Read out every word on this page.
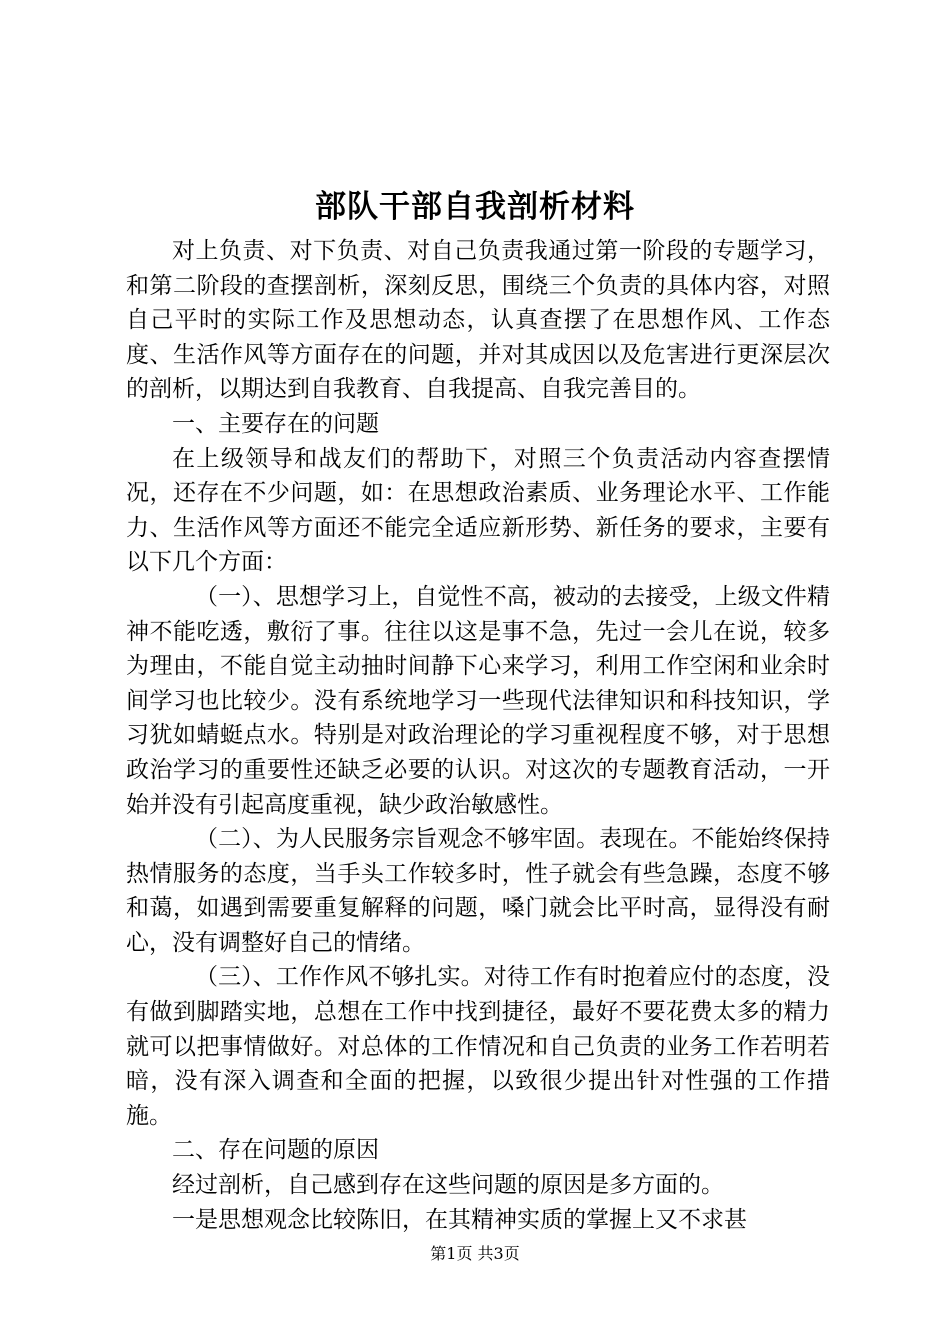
部队干部自我剖析材料

对上负责、对下负责、对自己负责我通过第一阶段的专题学习，和第二阶段的查摆剖析，深刻反思，围绕三个负责的具体内容，对照自己平时的实际工作及思想动态，认真查摆了在思想作风、工作态度、生活作风等方面存在的问题，并对其成因以及危害进行更深层次的剖析，以期达到自我教育、自我提高、自我完善目的。

一、主要存在的问题

在上级领导和战友们的帮助下，对照三个负责活动内容查摆情况，还存在不少问题，如：在思想政治素质、业务理论水平、工作能力、生活作风等方面还不能完全适应新形势、新任务的要求，主要有以下几个方面：

（一）、思想学习上，自觉性不高，被动的去接受，上级文件精神不能吃透，敷衍了事。往往以这是事不急，先过一会儿在说，较多为理由，不能自觉主动抽时间静下心来学习，利用工作空闲和业余时间学习也比较少。没有系统地学习一些现代法律知识和科技知识，学习犹如蜻蜓点水。特别是对政治理论的学习重视程度不够，对于思想政治学习的重要性还缺乏必要的认识。对这次的专题教育活动，一开始并没有引起高度重视，缺少政治敏感性。

（二）、为人民服务宗旨观念不够牢固。表现在。不能始终保持热情服务的态度，当手头工作较多时，性子就会有些急躁，态度不够和蔼，如遇到需要重复解释的问题，嗓门就会比平时高，显得没有耐心，没有调整好自己的情绪。

（三）、工作作风不够扎实。对待工作有时抱着应付的态度，没有做到脚踏实地，总想在工作中找到捷径，最好不要花费太多的精力就可以把事情做好。对总体的工作情况和自己负责的业务工作若明若暗，没有深入调查和全面的把握，以致很少提出针对性强的工作措施。

二、存在问题的原因

经过剖析，自己感到存在这些问题的原因是多方面的。

一是思想观念比较陈旧，在其精神实质的掌握上又不求甚

第1页 共3页
